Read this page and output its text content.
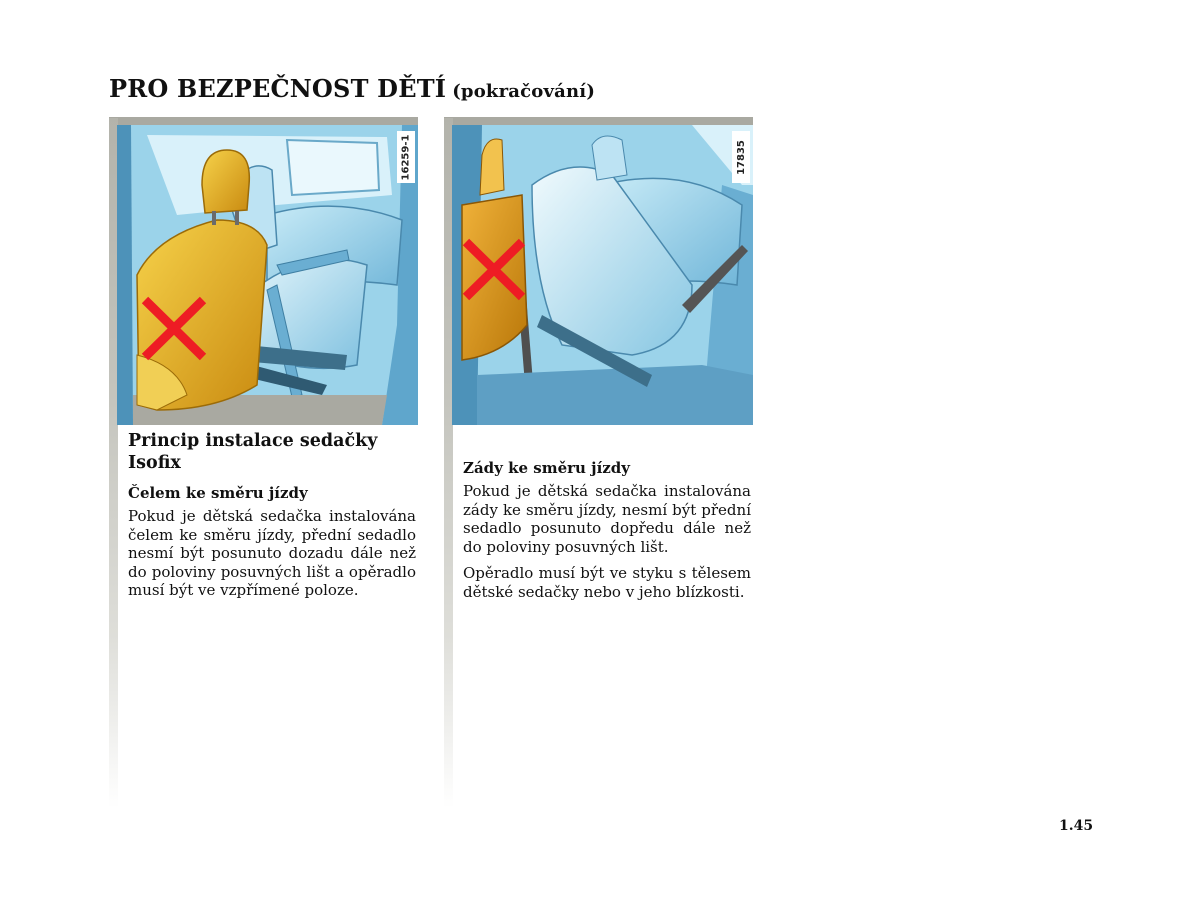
PRO BEZPEČNOST DĚTÍ (pokračování)
16259-1	17835
Princip instalace sedačky Isofix
Čelem ke směru jízdy
Pokud je dětská sedačka instalována čelem ke směru jízdy, přední sedadlo nesmí být posunuto dozadu dále než do poloviny posuvných lišt a opěradlo musí být ve vzpřímené poloze.
Zády ke směru jízdy
Pokud je dětská sedačka instalována zády ke směru jízdy, nesmí být přední sedadlo posunuto dopředu dále než do poloviny posuvných lišt.
Opěradlo musí být ve styku s tělesem dětské sedačky nebo v jeho blízkosti.
1.45
